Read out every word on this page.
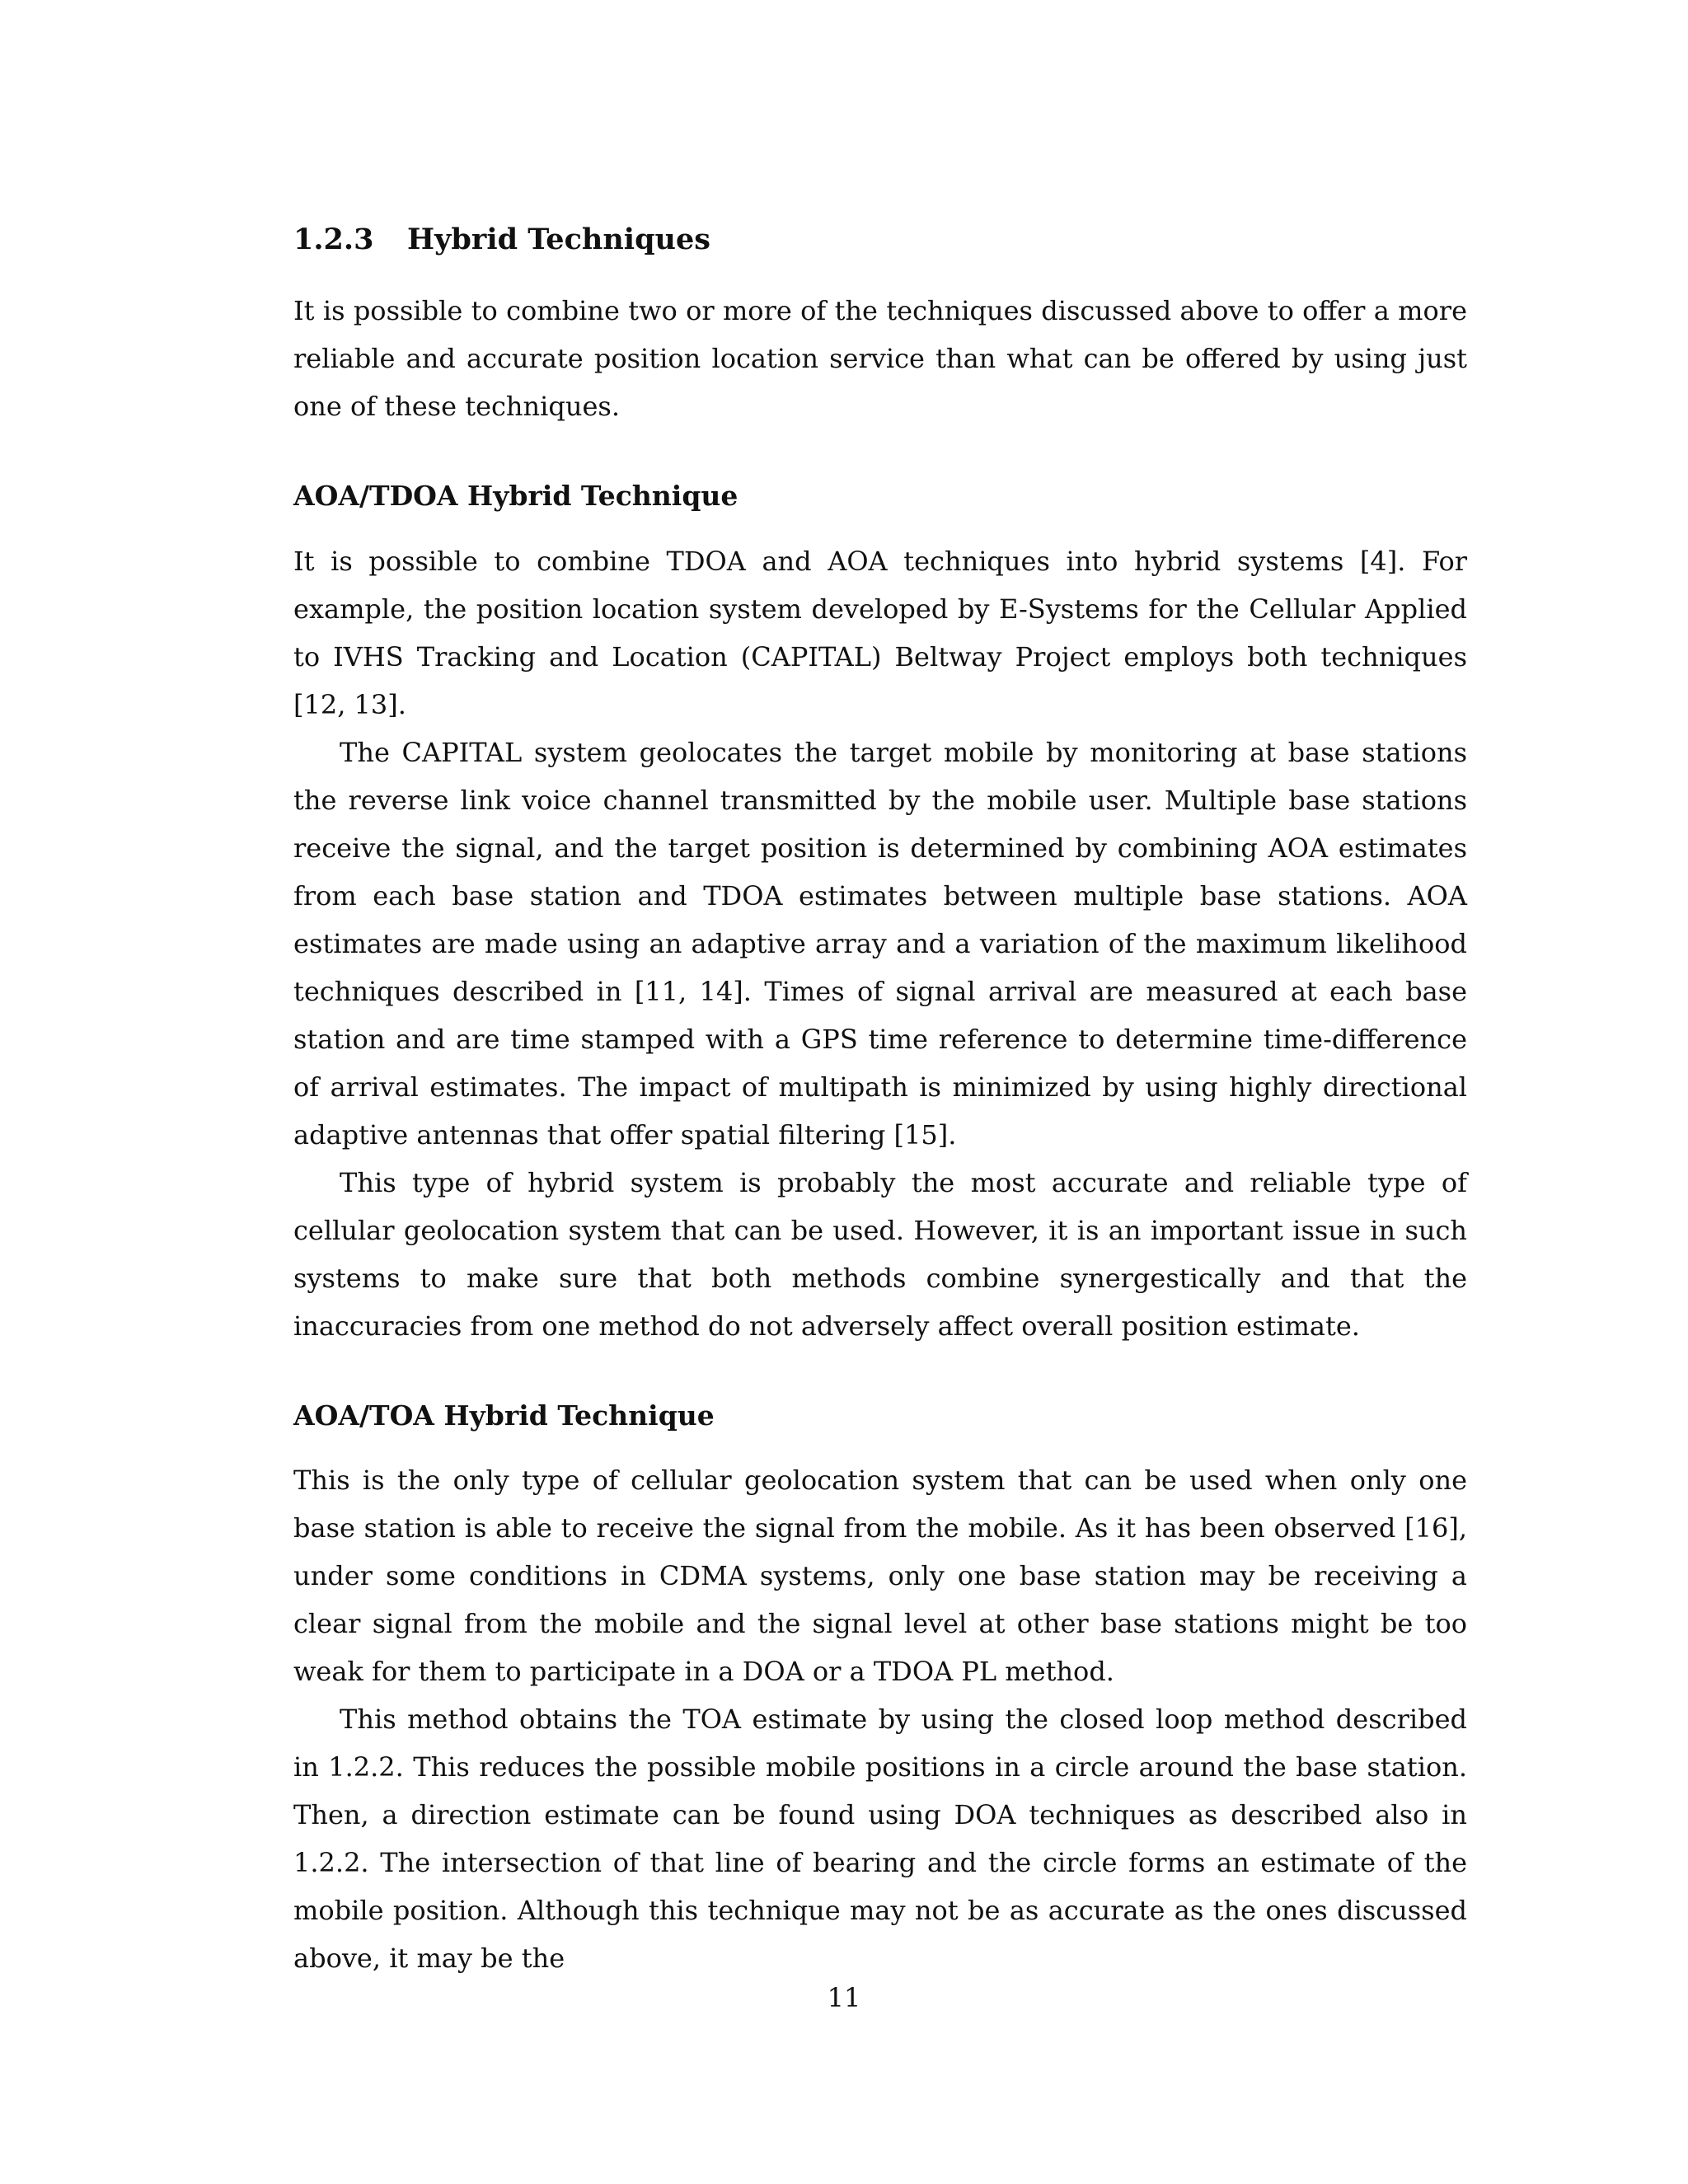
1.2.3	Hybrid Techniques

It is possible to combine two or more of the techniques discussed above to offer a more reliable and accurate position location service than what can be offered by using just one of these techniques.

AOA/TDOA Hybrid Technique

It is possible to combine TDOA and AOA techniques into hybrid systems [4]. For example, the position location system developed by E-Systems for the Cellular Applied to IVHS Tracking and Location (CAPITAL) Beltway Project employs both techniques [12, 13].

The CAPITAL system geolocates the target mobile by monitoring at base stations the reverse link voice channel transmitted by the mobile user. Multiple base stations receive the signal, and the target position is determined by combining AOA estimates from each base station and TDOA estimates between multiple base stations. AOA estimates are made using an adaptive array and a variation of the maximum likelihood techniques described in [11, 14]. Times of signal arrival are measured at each base station and are time stamped with a GPS time reference to determine time-difference of arrival estimates. The impact of multipath is minimized by using highly directional adaptive antennas that offer spatial filtering [15].

This type of hybrid system is probably the most accurate and reliable type of cellular geolocation system that can be used. However, it is an important issue in such systems to make sure that both methods combine synergestically and that the inaccuracies from one method do not adversely affect overall position estimate.

AOA/TOA Hybrid Technique

This is the only type of cellular geolocation system that can be used when only one base station is able to receive the signal from the mobile. As it has been observed [16], under some conditions in CDMA systems, only one base station may be receiving a clear signal from the mobile and the signal level at other base stations might be too weak for them to participate in a DOA or a TDOA PL method.

This method obtains the TOA estimate by using the closed loop method described in 1.2.2. This reduces the possible mobile positions in a circle around the base station. Then, a direction estimate can be found using DOA techniques as described also in 1.2.2. The intersection of that line of bearing and the circle forms an estimate of the mobile position. Although this technique may not be as accurate as the ones discussed above, it may be the

11
